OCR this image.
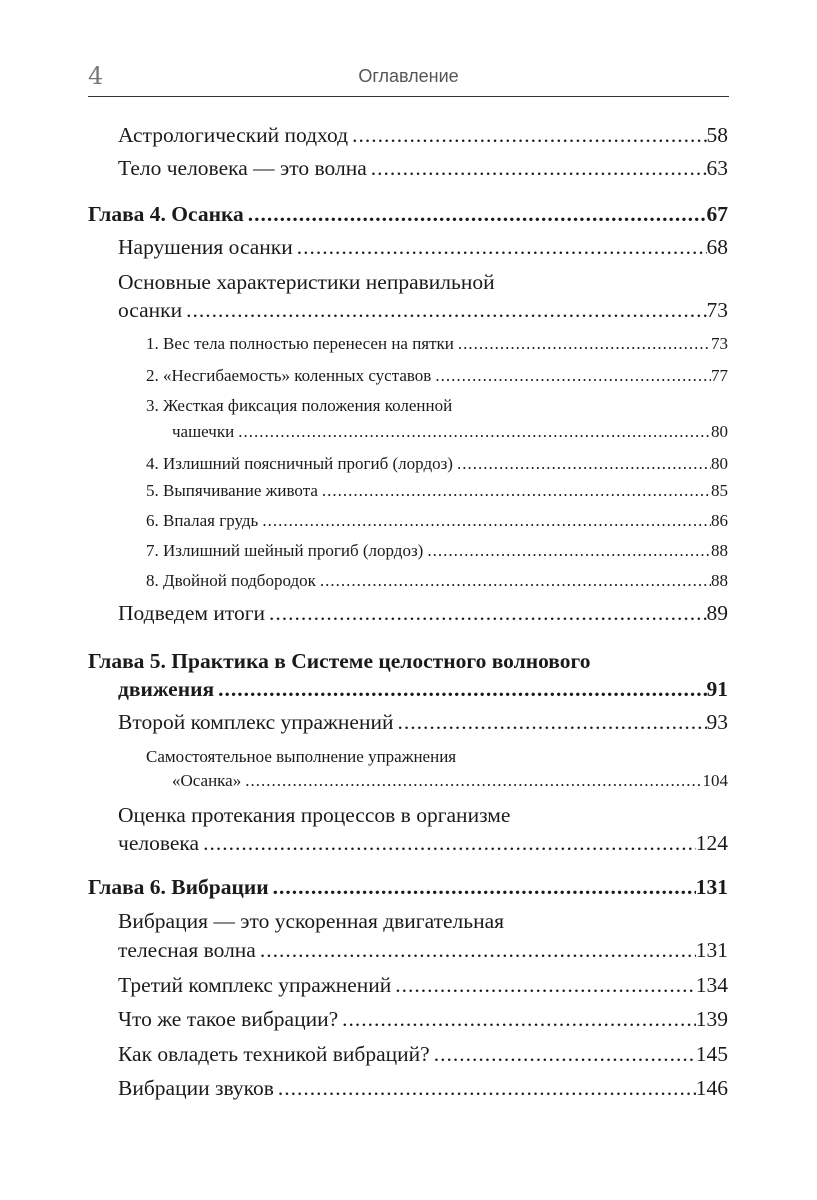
4	Оглавление
Астрологический подход .....	58
Тело человека — это волна .....	63
Глава 4. Осанка .....	67
Нарушения осанки .....	68
Основные характеристики неправильной
осанки .....	73
1. Вес тела полностью перенесен на пятки .....	73
2. «Несгибаемость» коленных суставов .....	77
3. Жесткая фиксация положения коленной
чашечки .....	80
4. Излишний поясничный прогиб (лордоз) .....	80
5. Выпячивание живота .....	85
6. Впалая грудь .....	86
7. Излишний шейный прогиб (лордоз) .....	88
8. Двойной подбородок .....	88
Подведем итоги .....	89
Глава 5. Практика в Системе целостного волнового
движения .....	91
Второй комплекс упражнений .....	93
Самостоятельное выполнение упражнения
«Осанка» .....	104
Оценка протекания процессов в организме
человека .....	124
Глава 6. Вибрации .....	131
Вибрация — это ускоренная двигательная
телесная волна .....	131
Третий комплекс упражнений .....	134
Что же такое вибрации? .....	139
Как овладеть техникой вибраций? .....	145
Вибрации звуков .....	146
